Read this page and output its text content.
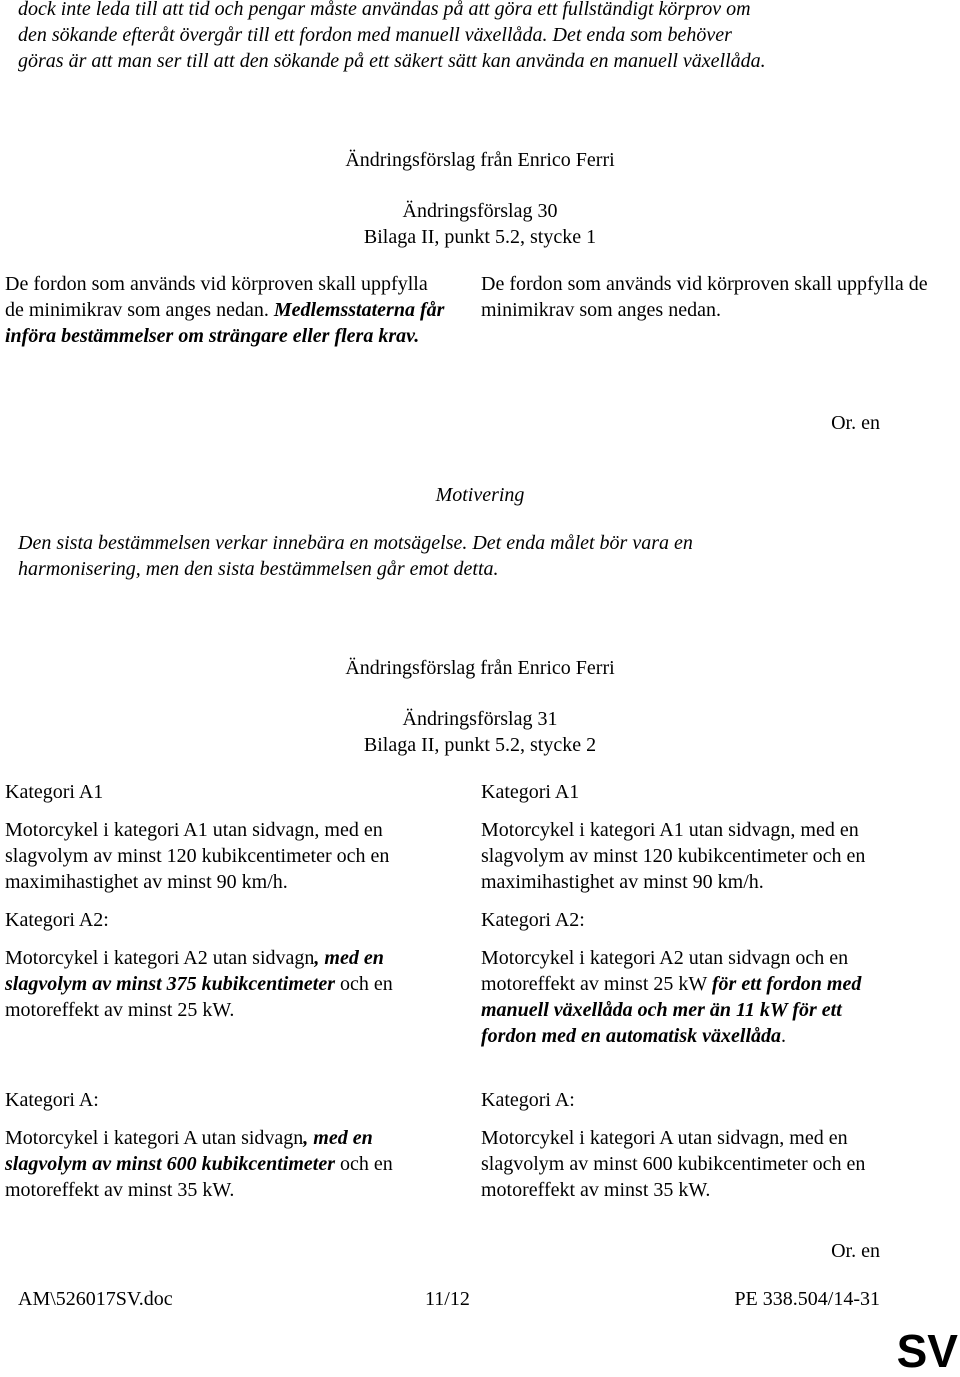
dock inte leda till att tid och pengar måste användas på att göra ett fullständigt körprov om
den sökande efteråt övergår till ett fordon med manuell växellåda. Det enda som behöver
göras är att man ser till att den sökande på ett säkert sätt kan använda en manuell växellåda.
Ändringsförslag från Enrico Ferri
Ändringsförslag 30
Bilaga II, punkt 5.2, stycke 1
De fordon som används vid körproven skall uppfylla de minimikrav som anges nedan. Medlemsstaterna får införa bestämmelser om strängare eller flera krav.
De fordon som används vid körproven skall uppfylla de minimikrav som anges nedan.
Or. en
Motivering
Den sista bestämmelsen verkar innebära en motsägelse. Det enda målet bör vara en harmonisering, men den sista bestämmelsen går emot detta.
Ändringsförslag från Enrico Ferri
Ändringsförslag 31
Bilaga II, punkt 5.2, stycke 2
Kategori A1
Motorcykel i kategori A1 utan sidvagn, med en slagvolym av minst 120 kubikcentimeter och en maximihastighet av minst 90 km/h.
Kategori A2:
Motorcykel i kategori A2 utan sidvagn, med en slagvolym av minst 375 kubikcentimeter och en motoreffekt av minst 25 kW.
Kategori A:
Motorcykel i kategori A utan sidvagn, med en slagvolym av minst 600 kubikcentimeter och en motoreffekt av minst 35 kW.
Kategori A1
Motorcykel i kategori A1 utan sidvagn, med en slagvolym av minst 120 kubikcentimeter och en maximihastighet av minst 90 km/h.
Kategori A2:
Motorcykel i kategori A2 utan sidvagn och en motoreffekt av minst 25 kW för ett fordon med manuell växellåda och mer än 11 kW för ett fordon med en automatisk växellåda.
Kategori A:
Motorcykel i kategori A utan sidvagn, med en slagvolym av minst 600 kubikcentimeter och en motoreffekt av minst 35 kW.
Or. en
AM\526017SV.doc	11/12	PE 338.504/14-31
SV
